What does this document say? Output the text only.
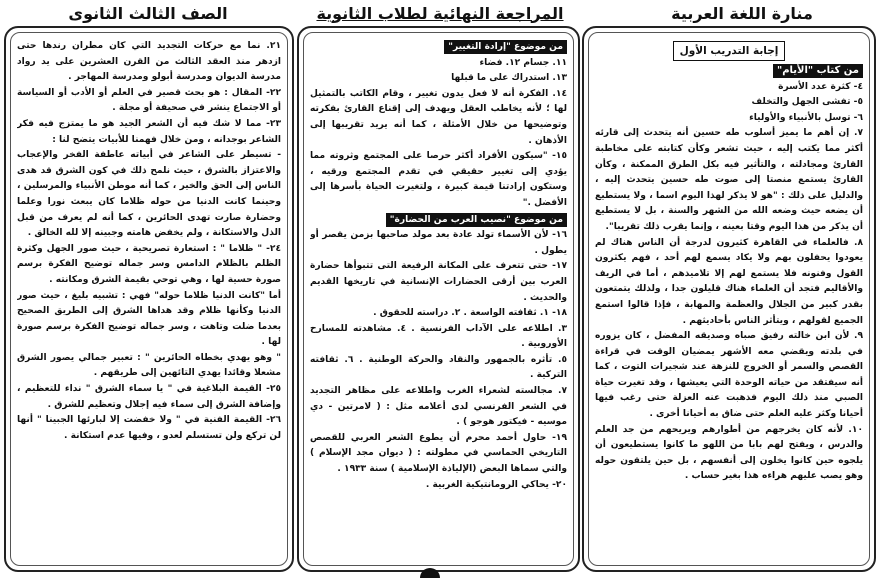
منارة اللغة العربية
المراجعة النهائية لطلاب الثانوية
الصف الثالث الثانوى
إجابة التدريب الأول

من كتاب "الأيام"

٤- كثرة عدد الأسرة

٥- تفشى الجهل والتخلف

٦- توسل بالأنبياء والأولياء

٧. إن أهم ما يميز أسلوب طه حسين أنه يتحدث إلى قارئه أكثر مما يكتب إليه ، حيث تشعر وكأن كتابته على مخاطبة القارئ ومجادلته ، والتأثير فيه بكل الطرق الممكنة ، وكأن القارئ يستمع منصتا إلى صوت طه حسين يتحدث إليه ، والدليل على ذلك : "هو لا يذكر لهذا اليوم اسما ، ولا يستطيع أن يضعه حيث وضعه الله من الشهر والسنة ، بل لا يستطيع أن يذكر من هذا اليوم وقتا بعينه ، وإنما يقرب ذلك تقريبا".

٨. فالعلماء في القاهرة كثيرون لدرجة أن الناس هناك لم يعودوا يحفلون بهم ولا يكاد يسمع لهم أحد ، فهم يكثرون القول وفنونه فلا يستمع لهم إلا تلاميذهم ، أما في الريف والأقاليم فتجد أن العلماء هناك قليلون جدا ، ولذلك يتمتعون بقدر كبير من الجلال والعظمة والمهابة ، فإذا قالوا استمع الجميع لقولهم ، ويتأثر الناس بأحاديثهم .

٩. لأن ابن خالته رفيق صباه وصديقه المفضل ، كان يزوره في بلدته ويقضي معه الأشهر يمضيان الوقت في قراءة القصص والسمر أو الخروج للنزهة عند شجيرات التوت ، كما أنه سيفتقد من حياته الوحدة التي يعيشها ، وقد تغيرت حياة الصبي منذ ذلك اليوم فذهبت عنه العزلة حتى رغب فيها أحيانا وكثر عليه العلم حتى ضاق به أحيانا أخرى .

١٠. لأنه كان يخرجهم من أطوارهم ويريحهم من جد العلم والدرس ، ويفتح لهم بابا من اللهو ما كانوا يستطيعون أن يلجوه حين كانوا يخلون إلى أنفسهم ، بل حين يلتقون حوله وهو يصب عليهم هراءه هذا بغير حساب .

من موضوع "إرادة التغيير"

١١. جسام ١٢. فضاء

١٣. استدراك على ما قبلها

١٤. الفكرة أنه لا فعل يدون تغيير ، وقام الكاتب بالتمثيل لها ؛ لأنه يخاطب العقل ويهدف إلى إقناع القارئ بفكرته وتوضيحها من خلال الأمثلة ، كما أنه يريد تقريبها إلى الأذهان .

١٥- "سيكون الأفراد أكثر حرصا على المجتمع وثروته مما يؤدي إلى تغيير حقيقي في تقدم المجتمع ورقيه ، وستكون إرادتنا قيمة كبيرة ، ولتغيرت الحياة بأسرها إلى الأفضل ."

من موضوع "نصيب العرب من الحضارة"

١٦- لأن الأسماء تولد عادة بعد مولد صاحبها بزمن يقصر أو يطول .

١٧- حتى تتعرف على المكانة الرفيعة التى تتبوأها حضارة العرب بين أرقى الحضارات الإنسانية في تاريخها القديم والحديث .

١٨- ١. ثقافته الواسعة . ٢. دراسته للحقوق .

٣. اطلاعه على الآداب الفرنسية . ٤. مشاهدته للمسارح الأوروبية .

٥. تأثره بالجمهور والنقاد والحركة الوطنية . ٦. ثقافته التركية .

٧. مجالسته لشعراء الغرب واطلاعه على مظاهر التجديد في الشعر الفرنسي لدى أعلامه مثل : ( لامرتين - دي موسيه - فيكتور هوجو ) .

١٩- حاول أحمد محرم أن يطوع الشعر العربي للقصص التاريخي الحماسي في مطولته : ( ديوان مجد الإسلام ) والتي سماها البعض (الإلياذة الإسلامية ) سنة ١٩٣٣ .

٢٠- يحاكي الرومانتيكية الغربية .

٢١. نما مع حركات التجديد التي كان مطران رندها حتى ازدهر منذ العقد الثالث من القرن العشرين على يد رواد مدرسة الديوان ومدرسة أبولو ومدرسة المهاجر .

٢٢- المقال : هو بحث قصير في العلم أو الأدب أو السياسة أو الاجتماع ينشر في صحيفة أو مجلة .

٢٣- مما لا شك فيه أن الشعر الجيد هو ما يمتزج فيه فكر الشاعر بوجدانه ، ومن خلال فهمنا للأبيات يتضح لنا :

- تسيطر على الشاعر في أبياته عاطفة الفخر والإعجاب والاعتزاز بالشرق ، حيث نلمح ذلك في كون الشرق قد هدى الناس إلى الحق والخير ، كما أنه موطن الأنبياء والمرسلين ، وحينما كانت الدنيا من حوله ظلاما كان يبعث نورا وعلما وحضارة صارت تهدى الحائرين ، كما أنه لم يعرف من قبل الذل والاستكانة ، ولم يخفض هامته وجبينه إلا لله الخالق .

٢٤- " ظلاما " : استعارة تصريحية ، حيث صور الجهل وكثرة الظلم بالظلام الدامس وسر جماله توضيح الفكرة برسم صورة حسية لها ، وهي توحي بقيمة الشرق ومكانته .

أما "كانت الدنيا ظلاما حوله" فهي : تشبيه بليغ ، حيث صور الدنيا وكأنها ظلام وقد هداها الشرق إلى الطريق الصحيح بعدما ضلت وتاهت ، وسر جماله توضيح الفكرة برسم صورة لها .

" وهو يهدي بخطاه الحائرين " : تعبير جمالي يصور الشرق مشعلا وقائدا يهدي التائهين إلى طريقهم .

٢٥- القيمة البلاغية في " يا سماء الشرق " نداء للتعظيم ، وإضافة الشرق إلى سماء فيه إجلال وتعظيم للشرق .

٢٦- القيمة الفنية في " ولا خفضت إلا لبارئها الجبينا " أنها لن تركع ولن تستسلم لعدو ، وفيها عدم استكانة .
